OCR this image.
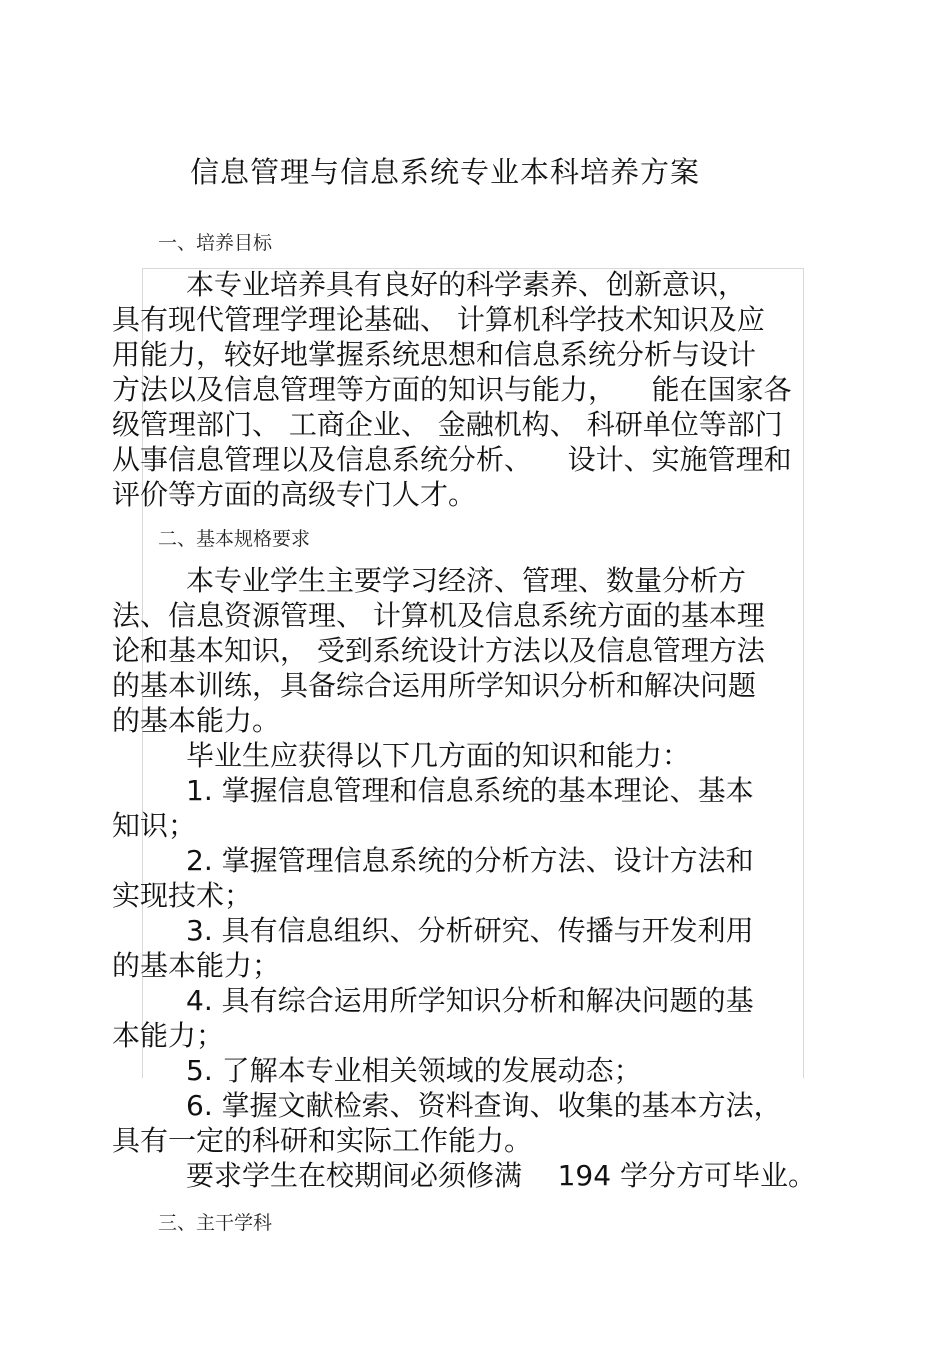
信息管理与信息系统专业本科培养方案
一、培养目标
本专业培养具有良好的科学素养、创新意识，
具有现代管理学理论基础、 计算机科学技术知识及应
用能力，较好地掌握系统思想和信息系统分析与设计
方法以及信息管理等方面的知识与能力，    能在国家各
级管理部门、 工商企业、 金融机构、 科研单位等部门
从事信息管理以及信息系统分析、    设计、实施管理和
评价等方面的高级专门人才。
二、基本规格要求
本专业学生主要学习经济、管理、数量分析方
法、信息资源管理、 计算机及信息系统方面的基本理
论和基本知识， 受到系统设计方法以及信息管理方法
的基本训练，具备综合运用所学知识分析和解决问题
的基本能力。
毕业生应获得以下几方面的知识和能力：
1. 掌握信息管理和信息系统的基本理论、基本
知识；
2. 掌握管理信息系统的分析方法、设计方法和
实现技术；
3. 具有信息组织、分析研究、传播与开发利用
的基本能力；
4. 具有综合运用所学知识分析和解决问题的基
本能力；
5. 了解本专业相关领域的发展动态；
6. 掌握文献检索、资料查询、收集的基本方法，
具有一定的科研和实际工作能力。
要求学生在校期间必须修满    194 学分方可毕业。
三、主干学科
